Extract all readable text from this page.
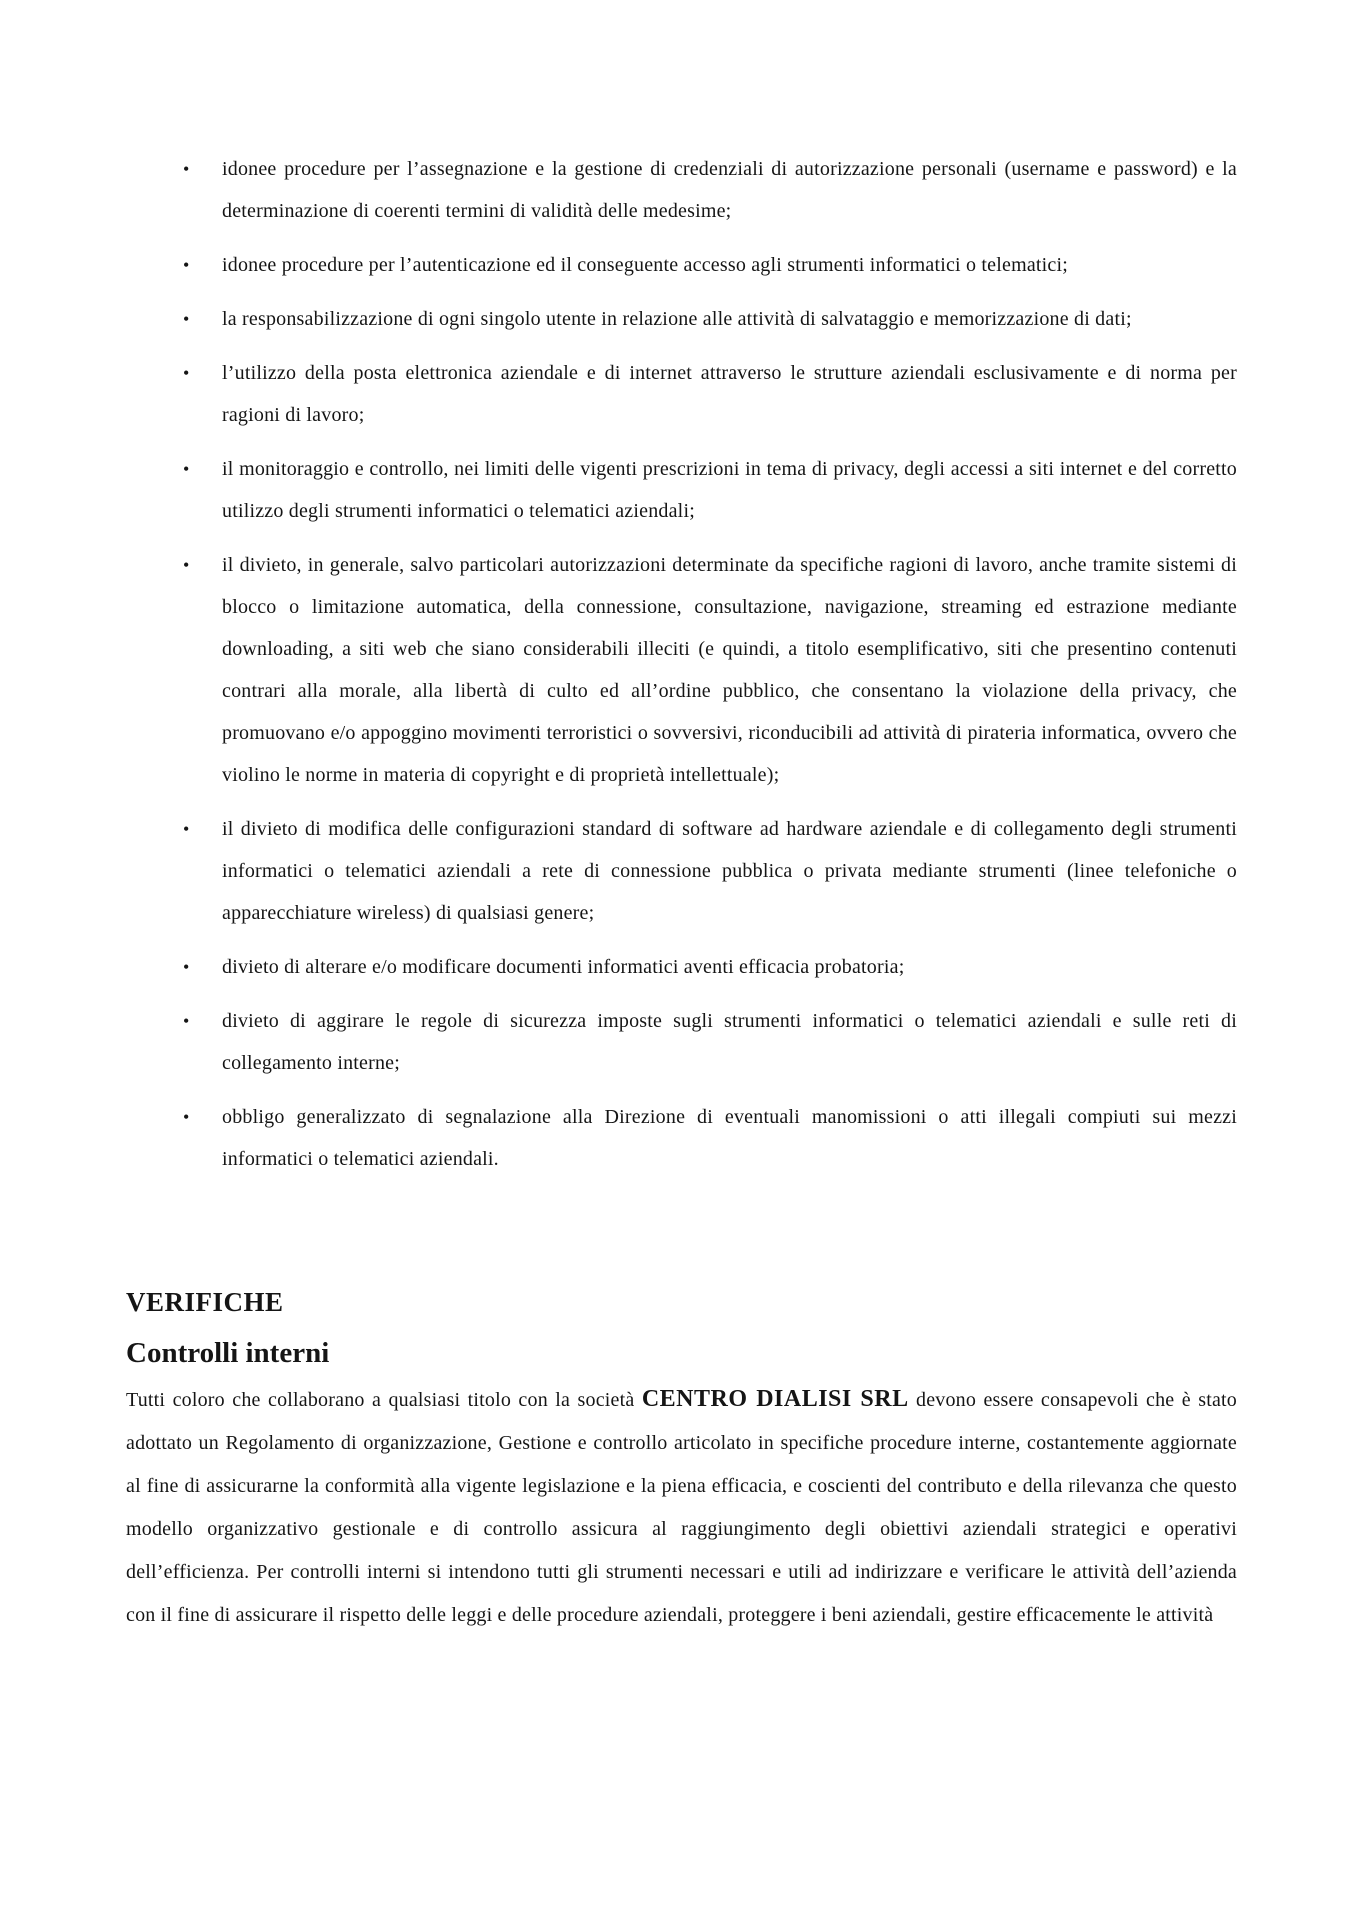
• idonee procedure per l’assegnazione e la gestione di credenziali di autorizzazione personali (username e password) e la determinazione di coerenti termini di validità delle medesime;
• idonee procedure per l’autenticazione ed il conseguente accesso agli strumenti informatici o telematici;
• la responsabilizzazione di ogni singolo utente in relazione alle attività di salvataggio e memorizzazione di dati;
• l’utilizzo della posta elettronica aziendale e di internet attraverso le strutture aziendali esclusivamente e di norma per ragioni di lavoro;
• il monitoraggio e controllo, nei limiti delle vigenti prescrizioni in tema di privacy, degli accessi a siti internet e del corretto utilizzo degli strumenti informatici o telematici aziendali;
• il divieto, in generale, salvo particolari autorizzazioni determinate da specifiche ragioni di lavoro, anche tramite sistemi di blocco o limitazione automatica, della connessione, consultazione, navigazione, streaming ed estrazione mediante downloading, a siti web che siano considerabili illeciti (e quindi, a titolo esemplificativo, siti che presentino contenuti contrari alla morale, alla libertà di culto ed all’ordine pubblico, che consentano la violazione della privacy, che promuovano e/o appoggino movimenti terroristici o sovversivi, riconducibili ad attività di pirateria informatica, ovvero che violino le norme in materia di copyright e di proprietà intellettuale);
• il divieto di modifica delle configurazioni standard di software ad hardware aziendale e di collegamento degli strumenti informatici o telematici aziendali a rete di connessione pubblica o privata mediante strumenti (linee telefoniche o apparecchiature wireless) di qualsiasi genere;
• divieto di alterare e/o modificare documenti informatici aventi efficacia probatoria;
• divieto di aggirare le regole di sicurezza imposte sugli strumenti informatici o telematici aziendali e sulle reti di collegamento interne;
• obbligo generalizzato di segnalazione alla Direzione di eventuali manomissioni o atti illegali compiuti sui mezzi informatici o telematici aziendali.
VERIFICHE
Controlli interni

Tutti coloro che collaborano a qualsiasi titolo con la società CENTRO DIALISI SRL devono essere consapevoli che è stato adottato un Regolamento di organizzazione, Gestione e controllo articolato in specifiche procedure interne, costantemente aggiornate al fine di assicurarne la conformità alla vigente legislazione e la piena efficacia, e coscienti del contributo e della rilevanza che questo modello organizzativo gestionale e di controllo assicura al raggiungimento degli obiettivi aziendali strategici e operativi dell’efficienza. Per controlli interni si intendono tutti gli strumenti necessari e utili ad indirizzare e verificare le attività dell’azienda con il fine di assicurare il rispetto delle leggi e delle procedure aziendali, proteggere i beni aziendali, gestire efficacemente le attività
